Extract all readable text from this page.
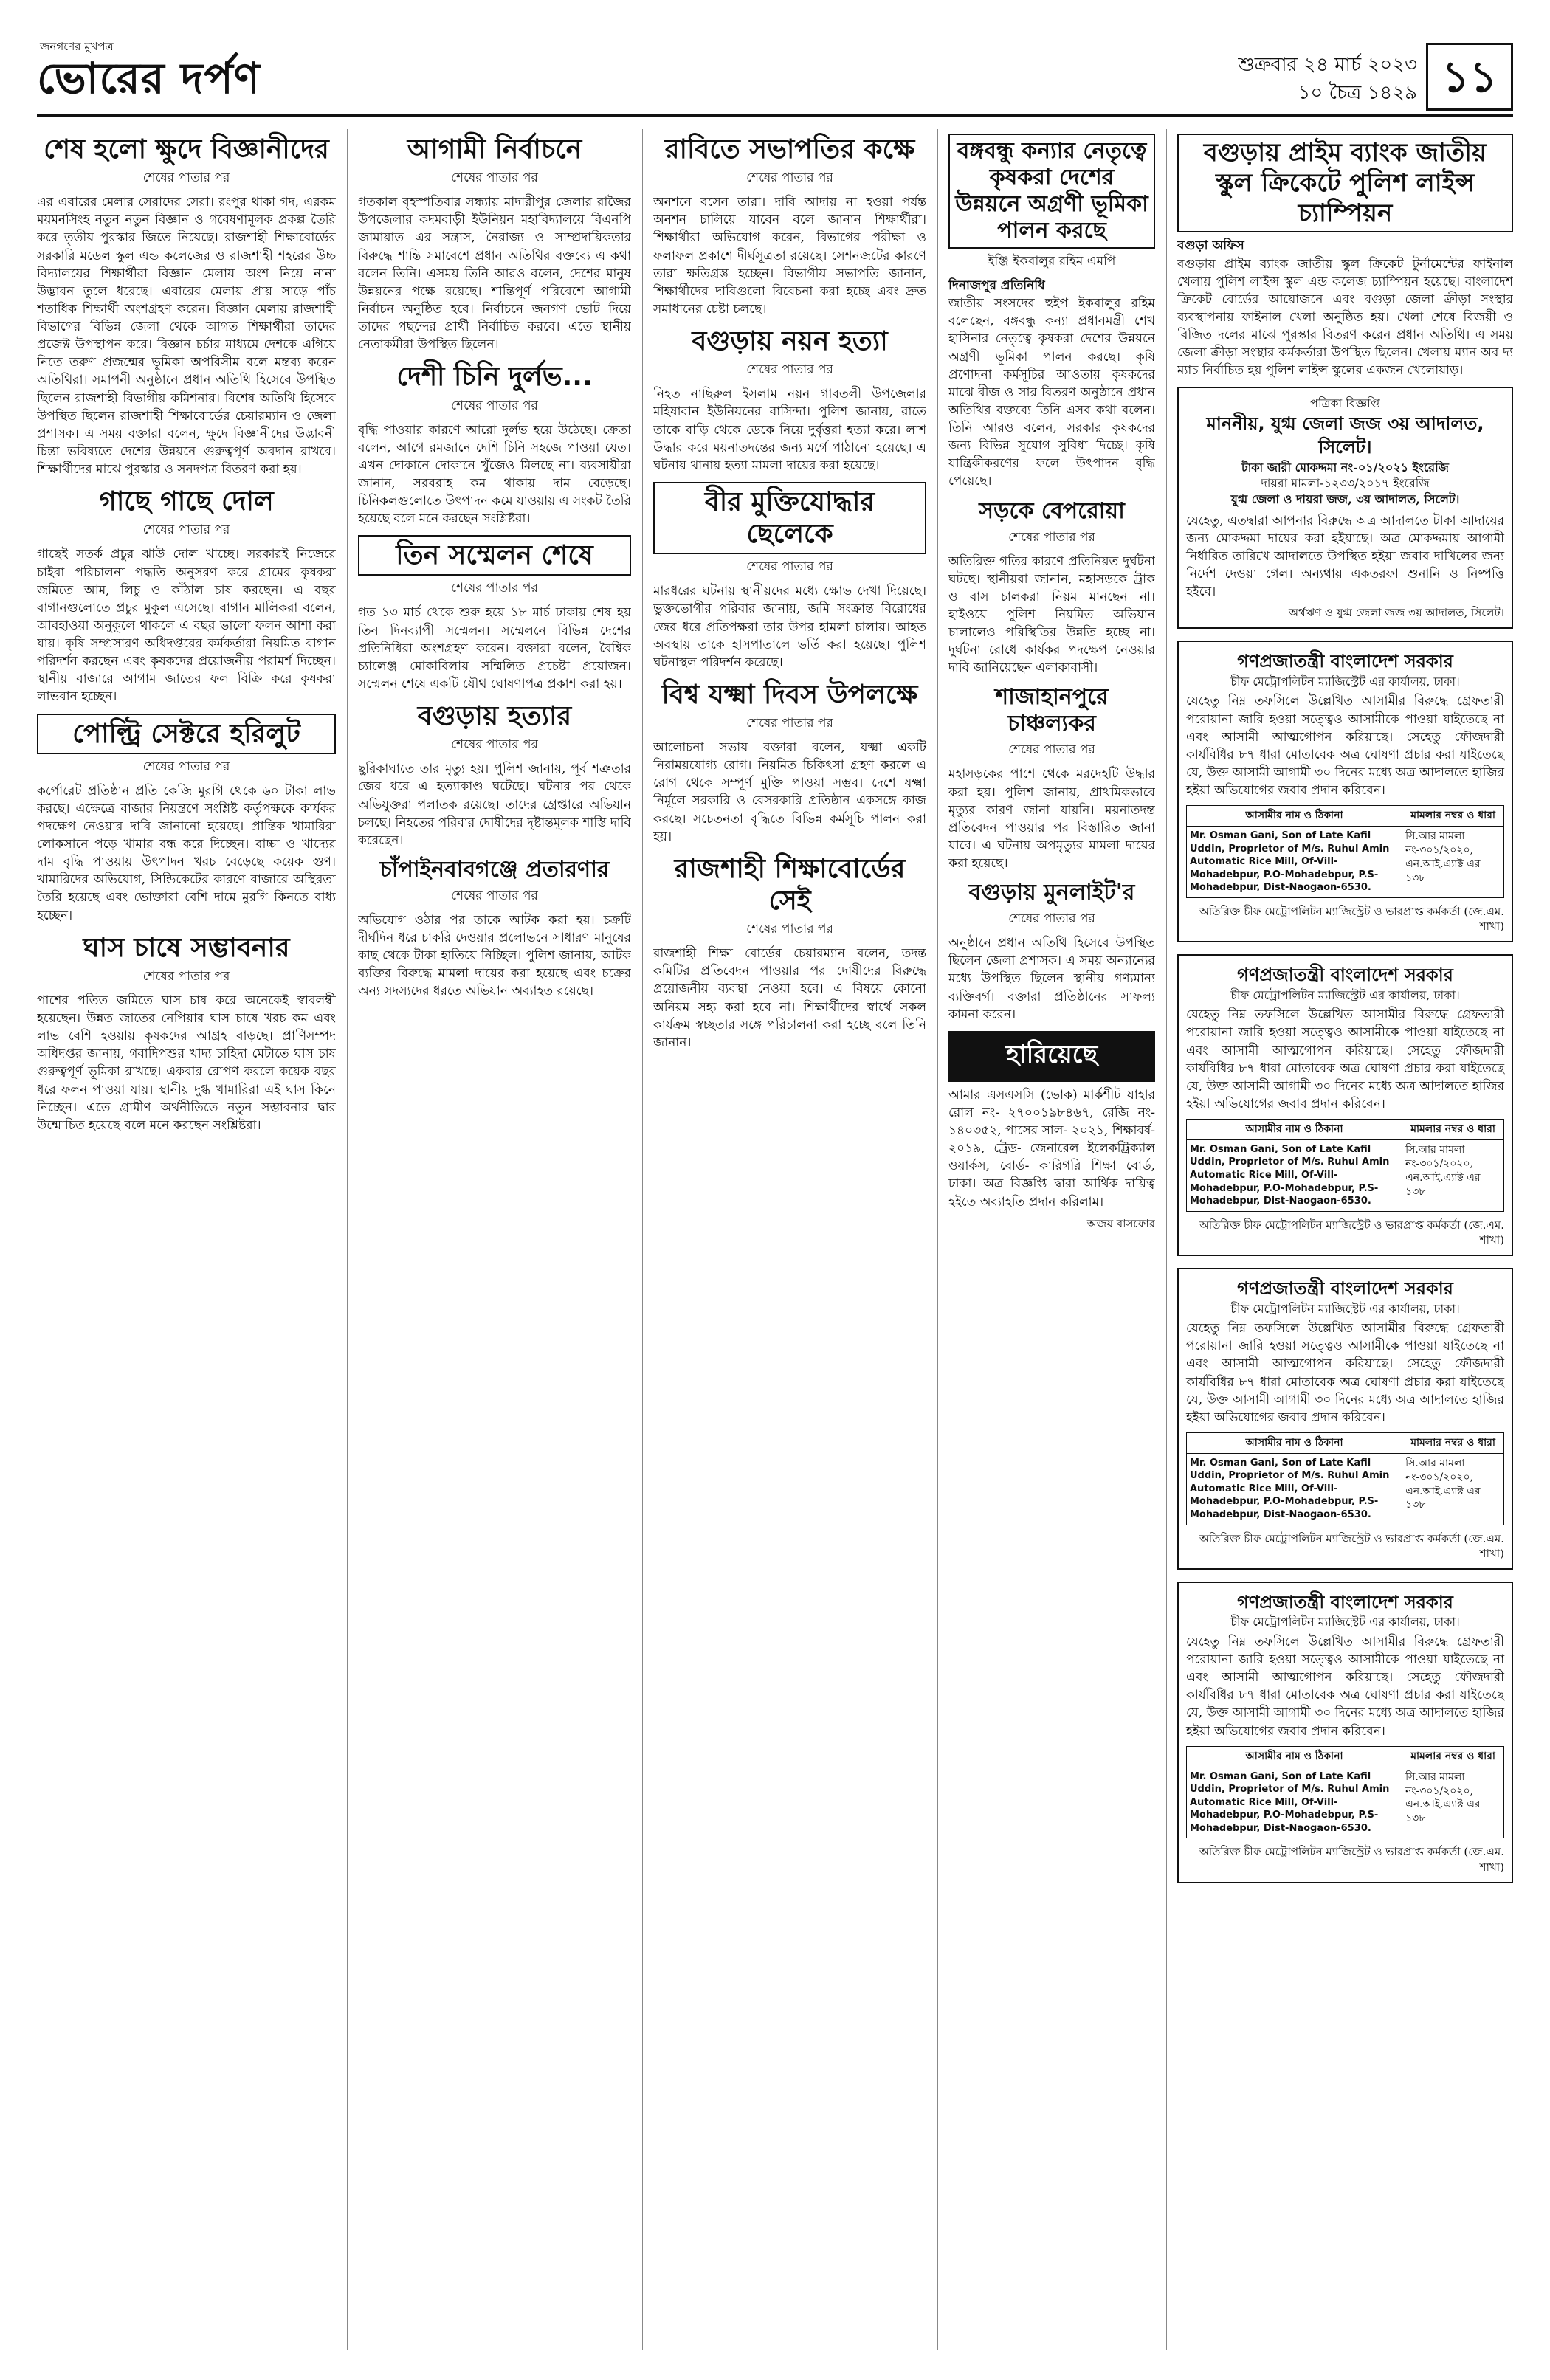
জনগণের মুখপত্র
ভোরের দর্পণ	শুক্রবার ২৪ মার্চ ২০২৩
১০ চৈত্র ১৪২৯ ১১
শেষ হলো ক্ষুদে বিজ্ঞানীদের
শেষের পাতার পর
এর এবারের মেলার সেরাদের সেরা। রংপুর থাকা গদ, এরকম ময়মনসিংহ নতুন নতুন বিজ্ঞান ও গবেষণামূলক প্রকল্প তৈরি করে তৃতীয় পুরস্কার জিতে নিয়েছে। রাজশাহী শিক্ষাবোর্ডের সরকারি মডেল স্কুল এন্ড কলেজের ও রাজশাহী শহরের উচ্চ বিদ্যালয়ের শিক্ষার্থীরা বিজ্ঞান মেলায় অংশ নিয়ে নানা উদ্ভাবন তুলে ধরেছে। এবারের মেলায় প্রায় সাড়ে পাঁচ শতাধিক শিক্ষার্থী অংশগ্রহণ করেন। বিজ্ঞান মেলায় রাজশাহী বিভাগের বিভিন্ন জেলা থেকে আগত শিক্ষার্থীরা তাদের প্রজেক্ট উপস্থাপন করে। বিজ্ঞান চর্চার মাধ্যমে দেশকে এগিয়ে নিতে তরুণ প্রজন্মের ভূমিকা অপরিসীম বলে মন্তব্য করেন অতিথিরা। সমাপনী অনুষ্ঠানে প্রধান অতিথি হিসেবে উপস্থিত ছিলেন রাজশাহী বিভাগীয় কমিশনার। বিশেষ অতিথি হিসেবে উপস্থিত ছিলেন রাজশাহী শিক্ষাবোর্ডের চেয়ারম্যান ও জেলা প্রশাসক। এ সময় বক্তারা বলেন, ক্ষুদে বিজ্ঞানীদের উদ্ভাবনী চিন্তা ভবিষ্যতে দেশের উন্নয়নে গুরুত্বপূর্ণ অবদান রাখবে। শিক্ষার্থীদের মাঝে পুরস্কার ও সনদপত্র বিতরণ করা হয়।
গাছে গাছে দোল
শেষের পাতার পর
গাছেই সতর্ক প্রচুর ঝাউ দোল খাচ্ছে। সরকারই নিজেরে চাইবা পরিচালনা পদ্ধতি অনুসরণ করে গ্রামের কৃষকরা জমিতে আম, লিচু ও কাঁঠাল চাষ করছেন। এ বছর বাগানগুলোতে প্রচুর মুকুল এসেছে। বাগান মালিকরা বলেন, আবহাওয়া অনুকূলে থাকলে এ বছর ভালো ফলন আশা করা যায়। কৃষি সম্প্রসারণ অধিদপ্তরের কর্মকর্তারা নিয়মিত বাগান পরিদর্শন করছেন এবং কৃষকদের প্রয়োজনীয় পরামর্শ দিচ্ছেন। স্থানীয় বাজারে আগাম জাতের ফল বিক্রি করে কৃষকরা লাভবান হচ্ছেন।
পোল্ট্রি সেক্টরে হরিলুট
শেষের পাতার পর
কর্পোরেট প্রতিষ্ঠান প্রতি কেজি মুরগি থেকে ৬০ টাকা লাভ করছে। এক্ষেত্রে বাজার নিয়ন্ত্রণে সংশ্লিষ্ট কর্তৃপক্ষকে কার্যকর পদক্ষেপ নেওয়ার দাবি জানানো হয়েছে। প্রান্তিক খামারিরা লোকসানে পড়ে খামার বন্ধ করে দিচ্ছেন। বাচ্চা ও খাদ্যের দাম বৃদ্ধি পাওয়ায় উৎপাদন খরচ বেড়েছে কয়েক গুণ। খামারিদের অভিযোগ, সিন্ডিকেটের কারণে বাজারে অস্থিরতা তৈরি হয়েছে এবং ভোক্তারা বেশি দামে মুরগি কিনতে বাধ্য হচ্ছেন।
ঘাস চাষে সম্ভাবনার
শেষের পাতার পর
পাশের পতিত জমিতে ঘাস চাষ করে অনেকেই স্বাবলম্বী হয়েছেন। উন্নত জাতের নেপিয়ার ঘাস চাষে খরচ কম এবং লাভ বেশি হওয়ায় কৃষকদের আগ্রহ বাড়ছে। প্রাণিসম্পদ অধিদপ্তর জানায়, গবাদিপশুর খাদ্য চাহিদা মেটাতে ঘাস চাষ গুরুত্বপূর্ণ ভূমিকা রাখছে। একবার রোপণ করলে কয়েক বছর ধরে ফলন পাওয়া যায়। স্থানীয় দুগ্ধ খামারিরা এই ঘাস কিনে নিচ্ছেন। এতে গ্রামীণ অর্থনীতিতে নতুন সম্ভাবনার দ্বার উন্মোচিত হয়েছে বলে মনে করছেন সংশ্লিষ্টরা।
আগামী নির্বাচনে
শেষের পাতার পর
গতকাল বৃহস্পতিবার সন্ধ্যায় মাদারীপুর জেলার রাজৈর উপজেলার কদমবাড়ী ইউনিয়ন মহাবিদ্যালয়ে বিএনপি জামায়াত এর সন্ত্রাস, নৈরাজ্য ও সাম্প্রদায়িকতার বিরুদ্ধে শান্তি সমাবেশে প্রধান অতিথির বক্তব্যে এ কথা বলেন তিনি। এসময় তিনি আরও বলেন, দেশের মানুষ উন্নয়নের পক্ষে রয়েছে। শান্তিপূর্ণ পরিবেশে আগামী নির্বাচন অনুষ্ঠিত হবে। নির্বাচনে জনগণ ভোট দিয়ে তাদের পছন্দের প্রার্থী নির্বাচিত করবে। এতে স্থানীয় নেতাকর্মীরা উপস্থিত ছিলেন।
দেশী চিনি দুর্লভ...
শেষের পাতার পর
বৃদ্ধি পাওয়ার কারণে আরো দুর্লভ হয়ে উঠেছে। ক্রেতা বলেন, আগে রমজানে দেশি চিনি সহজে পাওয়া যেত। এখন দোকানে দোকানে খুঁজেও মিলছে না। ব্যবসায়ীরা জানান, সরবরাহ কম থাকায় দাম বেড়েছে। চিনিকলগুলোতে উৎপাদন কমে যাওয়ায় এ সংকট তৈরি হয়েছে বলে মনে করছেন সংশ্লিষ্টরা।
তিন সম্মেলন শেষে
শেষের পাতার পর
গত ১৩ মার্চ থেকে শুরু হয়ে ১৮ মার্চ ঢাকায় শেষ হয় তিন দিনব্যাপী সম্মেলন। সম্মেলনে বিভিন্ন দেশের প্রতিনিধিরা অংশগ্রহণ করেন। বক্তারা বলেন, বৈশ্বিক চ্যালেঞ্জ মোকাবিলায় সম্মিলিত প্রচেষ্টা প্রয়োজন। সম্মেলন শেষে একটি যৌথ ঘোষণাপত্র প্রকাশ করা হয়।
বগুড়ায় হত্যার
শেষের পাতার পর
ছুরিকাঘাতে তার মৃত্যু হয়। পুলিশ জানায়, পূর্ব শত্রুতার জের ধরে এ হত্যাকাণ্ড ঘটেছে। ঘটনার পর থেকে অভিযুক্তরা পলাতক রয়েছে। তাদের গ্রেপ্তারে অভিযান চলছে। নিহতের পরিবার দোষীদের দৃষ্টান্তমূলক শাস্তি দাবি করেছেন।
চাঁপাইনবাবগঞ্জে প্রতারণার
শেষের পাতার পর
অভিযোগ ওঠার পর তাকে আটক করা হয়। চক্রটি দীর্ঘদিন ধরে চাকরি দেওয়ার প্রলোভনে সাধারণ মানুষের কাছ থেকে টাকা হাতিয়ে নিচ্ছিল। পুলিশ জানায়, আটক ব্যক্তির বিরুদ্ধে মামলা দায়ের করা হয়েছে এবং চক্রের অন্য সদস্যদের ধরতে অভিযান অব্যাহত রয়েছে।
রাবিতে সভাপতির কক্ষে
শেষের পাতার পর
অনশনে বসেন তারা। দাবি আদায় না হওয়া পর্যন্ত অনশন চালিয়ে যাবেন বলে জানান শিক্ষার্থীরা। শিক্ষার্থীরা অভিযোগ করেন, বিভাগের পরীক্ষা ও ফলাফল প্রকাশে দীর্ঘসূত্রতা রয়েছে। সেশনজটের কারণে তারা ক্ষতিগ্রস্ত হচ্ছেন। বিভাগীয় সভাপতি জানান, শিক্ষার্থীদের দাবিগুলো বিবেচনা করা হচ্ছে এবং দ্রুত সমাধানের চেষ্টা চলছে।
বগুড়ায় নয়ন হত্যা
শেষের পাতার পর
নিহত নাছিরুল ইসলাম নয়ন গাবতলী উপজেলার মহিষাবান ইউনিয়নের বাসিন্দা। পুলিশ জানায়, রাতে তাকে বাড়ি থেকে ডেকে নিয়ে দুর্বৃত্তরা হত্যা করে। লাশ উদ্ধার করে ময়নাতদন্তের জন্য মর্গে পাঠানো হয়েছে। এ ঘটনায় থানায় হত্যা মামলা দায়ের করা হয়েছে।
বীর মুক্তিযোদ্ধার ছেলেকে
শেষের পাতার পর
মারধরের ঘটনায় স্থানীয়দের মধ্যে ক্ষোভ দেখা দিয়েছে। ভুক্তভোগীর পরিবার জানায়, জমি সংক্রান্ত বিরোধের জের ধরে প্রতিপক্ষরা তার উপর হামলা চালায়। আহত অবস্থায় তাকে হাসপাতালে ভর্তি করা হয়েছে। পুলিশ ঘটনাস্থল পরিদর্শন করেছে।
বিশ্ব যক্ষ্মা দিবস উপলক্ষে
শেষের পাতার পর
আলোচনা সভায় বক্তারা বলেন, যক্ষ্মা একটি নিরাময়যোগ্য রোগ। নিয়মিত চিকিৎসা গ্রহণ করলে এ রোগ থেকে সম্পূর্ণ মুক্তি পাওয়া সম্ভব। দেশে যক্ষ্মা নির্মূলে সরকারি ও বেসরকারি প্রতিষ্ঠান একসঙ্গে কাজ করছে। সচেতনতা বৃদ্ধিতে বিভিন্ন কর্মসূচি পালন করা হয়।
রাজশাহী শিক্ষাবোর্ডের সেই
শেষের পাতার পর
রাজশাহী শিক্ষা বোর্ডের চেয়ারম্যান বলেন, তদন্ত কমিটির প্রতিবেদন পাওয়ার পর দোষীদের বিরুদ্ধে প্রয়োজনীয় ব্যবস্থা নেওয়া হবে। এ বিষয়ে কোনো অনিয়ম সহ্য করা হবে না। শিক্ষার্থীদের স্বার্থে সকল কার্যক্রম স্বচ্ছতার সঙ্গে পরিচালনা করা হচ্ছে বলে তিনি জানান।
বঙ্গবন্ধু কন্যার নেতৃত্বে কৃষকরা দেশের উন্নয়নে অগ্রণী ভূমিকা পালন করছে
ইঞ্জি ইকবালুর রহিম এমপি
দিনাজপুর প্রতিনিধি
জাতীয় সংসদের হুইপ ইকবালুর রহিম বলেছেন, বঙ্গবন্ধু কন্যা প্রধানমন্ত্রী শেখ হাসিনার নেতৃত্বে কৃষকরা দেশের উন্নয়নে অগ্রণী ভূমিকা পালন করছে। কৃষি প্রণোদনা কর্মসূচির আওতায় কৃষকদের মাঝে বীজ ও সার বিতরণ অনুষ্ঠানে প্রধান অতিথির বক্তব্যে তিনি এসব কথা বলেন। তিনি আরও বলেন, সরকার কৃষকদের জন্য বিভিন্ন সুযোগ সুবিধা দিচ্ছে। কৃষি যান্ত্রিকীকরণের ফলে উৎপাদন বৃদ্ধি পেয়েছে।
সড়কে বেপরোয়া
শেষের পাতার পর
অতিরিক্ত গতির কারণে প্রতিনিয়ত দুর্ঘটনা ঘটছে। স্থানীয়রা জানান, মহাসড়কে ট্রাক ও বাস চালকরা নিয়ম মানছেন না। হাইওয়ে পুলিশ নিয়মিত অভিযান চালালেও পরিস্থিতির উন্নতি হচ্ছে না। দুর্ঘটনা রোধে কার্যকর পদক্ষেপ নেওয়ার দাবি জানিয়েছেন এলাকাবাসী।
শাজাহানপুরে চাঞ্চল্যকর
শেষের পাতার পর
মহাসড়কের পাশে থেকে মরদেহটি উদ্ধার করা হয়। পুলিশ জানায়, প্রাথমিকভাবে মৃত্যুর কারণ জানা যায়নি। ময়নাতদন্ত প্রতিবেদন পাওয়ার পর বিস্তারিত জানা যাবে। এ ঘটনায় অপমৃত্যুর মামলা দায়ের করা হয়েছে।
বগুড়ায় মুনলাইট'র
শেষের পাতার পর
অনুষ্ঠানে প্রধান অতিথি হিসেবে উপস্থিত ছিলেন জেলা প্রশাসক। এ সময় অন্যান্যের মধ্যে উপস্থিত ছিলেন স্থানীয় গণ্যমান্য ব্যক্তিবর্গ। বক্তারা প্রতিষ্ঠানের সাফল্য কামনা করেন।
হারিয়েছে
আমার এসএসসি (ভোক) মার্কশীট যাহার রোল নং- ২৭০০১৯৮৪৬৭, রেজি নং- ১৪০৩৫২, পাসের সাল- ২০২১, শিক্ষাবর্ষ- ২০১৯, ট্রেড- জেনারেল ইলেকট্রিক্যাল ওয়ার্কস, বোর্ড- কারিগরি শিক্ষা বোর্ড, ঢাকা। অত্র বিজ্ঞপ্তি দ্বারা আর্থিক দায়িত্ব হইতে অব্যাহতি প্রদান করিলাম।
অজয় বাসফোর
বগুড়ায় প্রাইম ব্যাংক জাতীয় স্কুল ক্রিকেটে পুলিশ লাইন্স চ্যাম্পিয়ন
বগুড়া অফিস
বগুড়ায় প্রাইম ব্যাংক জাতীয় স্কুল ক্রিকেট টুর্নামেন্টের ফাইনাল খেলায় পুলিশ লাইন্স স্কুল এন্ড কলেজ চ্যাম্পিয়ন হয়েছে। বাংলাদেশ ক্রিকেট বোর্ডের আয়োজনে এবং বগুড়া জেলা ক্রীড়া সংস্থার ব্যবস্থাপনায় ফাইনাল খেলা অনুষ্ঠিত হয়। খেলা শেষে বিজয়ী ও বিজিত দলের মাঝে পুরস্কার বিতরণ করেন প্রধান অতিথি। এ সময় জেলা ক্রীড়া সংস্থার কর্মকর্তারা উপস্থিত ছিলেন। খেলায় ম্যান অব দ্য ম্যাচ নির্বাচিত হয় পুলিশ লাইন্স স্কুলের একজন খেলোয়াড়।
পত্রিকা বিজ্ঞপ্তি
মাননীয়, যুগ্ম জেলা জজ ৩য় আদালত, সিলেট।
টাকা জারী মোকদ্দমা নং-০১/২০২১ ইংরেজি
দায়রা মামলা-১২৩৩/২০১৭ ইংরেজি
যুগ্ম জেলা ও দায়রা জজ, ৩য় আদালত, সিলেট।
যেহেতু, এতদ্বারা আপনার বিরুদ্ধে অত্র আদালতে টাকা আদায়ের জন্য মোকদ্দমা দায়ের করা হইয়াছে। অত্র মোকদ্দমায় আগামী নির্ধারিত তারিখে আদালতে উপস্থিত হইয়া জবাব দাখিলের জন্য নির্দেশ দেওয়া গেল। অন্যথায় একতরফা শুনানি ও নিষ্পত্তি হইবে।
অর্থঋণ ও যুগ্ম জেলা জজ ৩য় আদালত, সিলেট।
গণপ্রজাতন্ত্রী বাংলাদেশ সরকার
চীফ মেট্রোপলিটন ম্যাজিস্ট্রেট এর কার্যালয়, ঢাকা।
যেহেতু নিম্ন তফসিলে উল্লেখিত আসামীর বিরুদ্ধে গ্রেফতারী পরোয়ানা জারি হওয়া সত্ত্বেও আসামীকে পাওয়া যাইতেছে না এবং আসামী আত্মগোপন করিয়াছে। সেহেতু ফৌজদারী কার্যবিধির ৮৭ ধারা মোতাবেক অত্র ঘোষণা প্রচার করা যাইতেছে যে, উক্ত আসামী আগামী ৩০ দিনের মধ্যে অত্র আদালতে হাজির হইয়া অভিযোগের জবাব প্রদান করিবেন।
আসামীর নাম ও ঠিকানা	মামলার নম্বর ও ধারা
Mr. Osman Gani, Son of Late Kafil Uddin, Proprietor of M/s. Ruhul Amin Automatic Rice Mill, Of-Vill-Mohadebpur, P.O-Mohadebpur, P.S-Mohadebpur, Dist-Naogaon-6530.	সি.আর মামলা নং-৩০১/২০২০, এন.আই.এ্যাক্ট এর ১৩৮
অতিরিক্ত চীফ মেট্রোপলিটন ম্যাজিস্ট্রেট ও ভারপ্রাপ্ত কর্মকর্তা (জে.এম. শাখা)
গণপ্রজাতন্ত্রী বাংলাদেশ সরকার
চীফ মেট্রোপলিটন ম্যাজিস্ট্রেট এর কার্যালয়, ঢাকা।
যেহেতু নিম্ন তফসিলে উল্লেখিত আসামীর বিরুদ্ধে গ্রেফতারী পরোয়ানা জারি হওয়া সত্ত্বেও আসামীকে পাওয়া যাইতেছে না এবং আসামী আত্মগোপন করিয়াছে। সেহেতু ফৌজদারী কার্যবিধির ৮৭ ধারা মোতাবেক অত্র ঘোষণা প্রচার করা যাইতেছে যে, উক্ত আসামী আগামী ৩০ দিনের মধ্যে অত্র আদালতে হাজির হইয়া অভিযোগের জবাব প্রদান করিবেন।
আসামীর নাম ও ঠিকানা	মামলার নম্বর ও ধারা
Mr. Osman Gani, Son of Late Kafil Uddin, Proprietor of M/s. Ruhul Amin Automatic Rice Mill, Of-Vill-Mohadebpur, P.O-Mohadebpur, P.S-Mohadebpur, Dist-Naogaon-6530.	সি.আর মামলা নং-৩০১/২০২০, এন.আই.এ্যাক্ট এর ১৩৮
অতিরিক্ত চীফ মেট্রোপলিটন ম্যাজিস্ট্রেট ও ভারপ্রাপ্ত কর্মকর্তা (জে.এম. শাখা)
গণপ্রজাতন্ত্রী বাংলাদেশ সরকার
চীফ মেট্রোপলিটন ম্যাজিস্ট্রেট এর কার্যালয়, ঢাকা।
যেহেতু নিম্ন তফসিলে উল্লেখিত আসামীর বিরুদ্ধে গ্রেফতারী পরোয়ানা জারি হওয়া সত্ত্বেও আসামীকে পাওয়া যাইতেছে না এবং আসামী আত্মগোপন করিয়াছে। সেহেতু ফৌজদারী কার্যবিধির ৮৭ ধারা মোতাবেক অত্র ঘোষণা প্রচার করা যাইতেছে যে, উক্ত আসামী আগামী ৩০ দিনের মধ্যে অত্র আদালতে হাজির হইয়া অভিযোগের জবাব প্রদান করিবেন।
আসামীর নাম ও ঠিকানা	মামলার নম্বর ও ধারা
Mr. Osman Gani, Son of Late Kafil Uddin, Proprietor of M/s. Ruhul Amin Automatic Rice Mill, Of-Vill-Mohadebpur, P.O-Mohadebpur, P.S-Mohadebpur, Dist-Naogaon-6530.	সি.আর মামলা নং-৩০১/২০২০, এন.আই.এ্যাক্ট এর ১৩৮
অতিরিক্ত চীফ মেট্রোপলিটন ম্যাজিস্ট্রেট ও ভারপ্রাপ্ত কর্মকর্তা (জে.এম. শাখা)
গণপ্রজাতন্ত্রী বাংলাদেশ সরকার
চীফ মেট্রোপলিটন ম্যাজিস্ট্রেট এর কার্যালয়, ঢাকা।
যেহেতু নিম্ন তফসিলে উল্লেখিত আসামীর বিরুদ্ধে গ্রেফতারী পরোয়ানা জারি হওয়া সত্ত্বেও আসামীকে পাওয়া যাইতেছে না এবং আসামী আত্মগোপন করিয়াছে। সেহেতু ফৌজদারী কার্যবিধির ৮৭ ধারা মোতাবেক অত্র ঘোষণা প্রচার করা যাইতেছে যে, উক্ত আসামী আগামী ৩০ দিনের মধ্যে অত্র আদালতে হাজির হইয়া অভিযোগের জবাব প্রদান করিবেন।
আসামীর নাম ও ঠিকানা	মামলার নম্বর ও ধারা
Mr. Osman Gani, Son of Late Kafil Uddin, Proprietor of M/s. Ruhul Amin Automatic Rice Mill, Of-Vill-Mohadebpur, P.O-Mohadebpur, P.S-Mohadebpur, Dist-Naogaon-6530.	সি.আর মামলা নং-৩০১/২০২০, এন.আই.এ্যাক্ট এর ১৩৮
অতিরিক্ত চীফ মেট্রোপলিটন ম্যাজিস্ট্রেট ও ভারপ্রাপ্ত কর্মকর্তা (জে.এম. শাখা)
